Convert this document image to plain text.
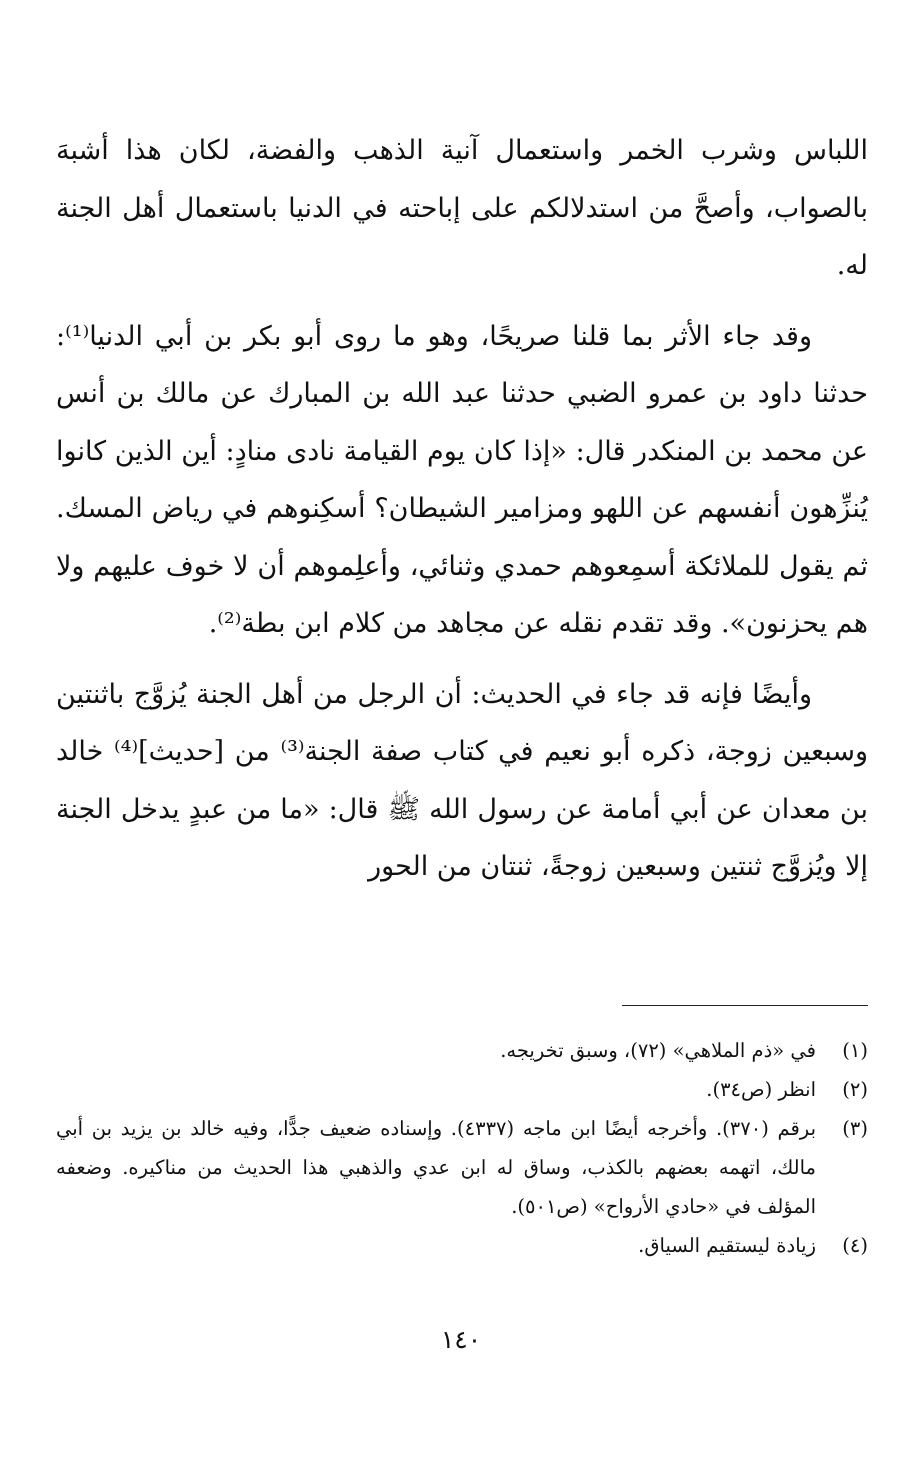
اللباس وشرب الخمر واستعمال آنية الذهب والفضة، لكان هذا أشبهَ بالصواب، وأصحَّ من استدلالكم على إباحته في الدنيا باستعمال أهل الجنة له.

وقد جاء الأثر بما قلنا صريحًا، وهو ما روى أبو بكر بن أبي الدنيا⁽¹⁾: حدثنا داود بن عمرو الضبي حدثنا عبد الله بن المبارك عن مالك بن أنس عن محمد بن المنكدر قال: «إذا كان يوم القيامة نادى منادٍ: أين الذين كانوا يُنزِّهون أنفسهم عن اللهو ومزامير الشيطان؟ أسكِنوهم في رياض المسك. ثم يقول للملائكة أسمِعوهم حمدي وثنائي، وأعلِموهم أن لا خوف عليهم ولا هم يحزنون». وقد تقدم نقله عن مجاهد من كلام ابن بطة⁽²⁾.

وأيضًا فإنه قد جاء في الحديث: أن الرجل من أهل الجنة يُزوَّج باثنتين وسبعين زوجة، ذكره أبو نعيم في كتاب صفة الجنة⁽³⁾ من [حديث]⁽⁴⁾ خالد بن معدان عن أبي أمامة عن رسول الله ﷺ قال: «ما من عبدٍ يدخل الجنة إلا ويُزوَّج ثنتين وسبعين زوجةً، ثنتان من الحور

(١)
في «ذم الملاهي» (٧٢)، وسبق تخريجه.
(٢)
انظر (ص٣٤).
(٣)
برقم (٣٧٠). وأخرجه أيضًا ابن ماجه (٤٣٣٧). وإسناده ضعيف جدًّا، وفيه خالد بن يزيد بن أبي مالك، اتهمه بعضهم بالكذب، وساق له ابن عدي والذهبي هذا الحديث من مناكيره. وضعفه المؤلف في «حادي الأرواح» (ص٥٠١).
(٤)
زيادة ليستقيم السياق.
١٤٠
